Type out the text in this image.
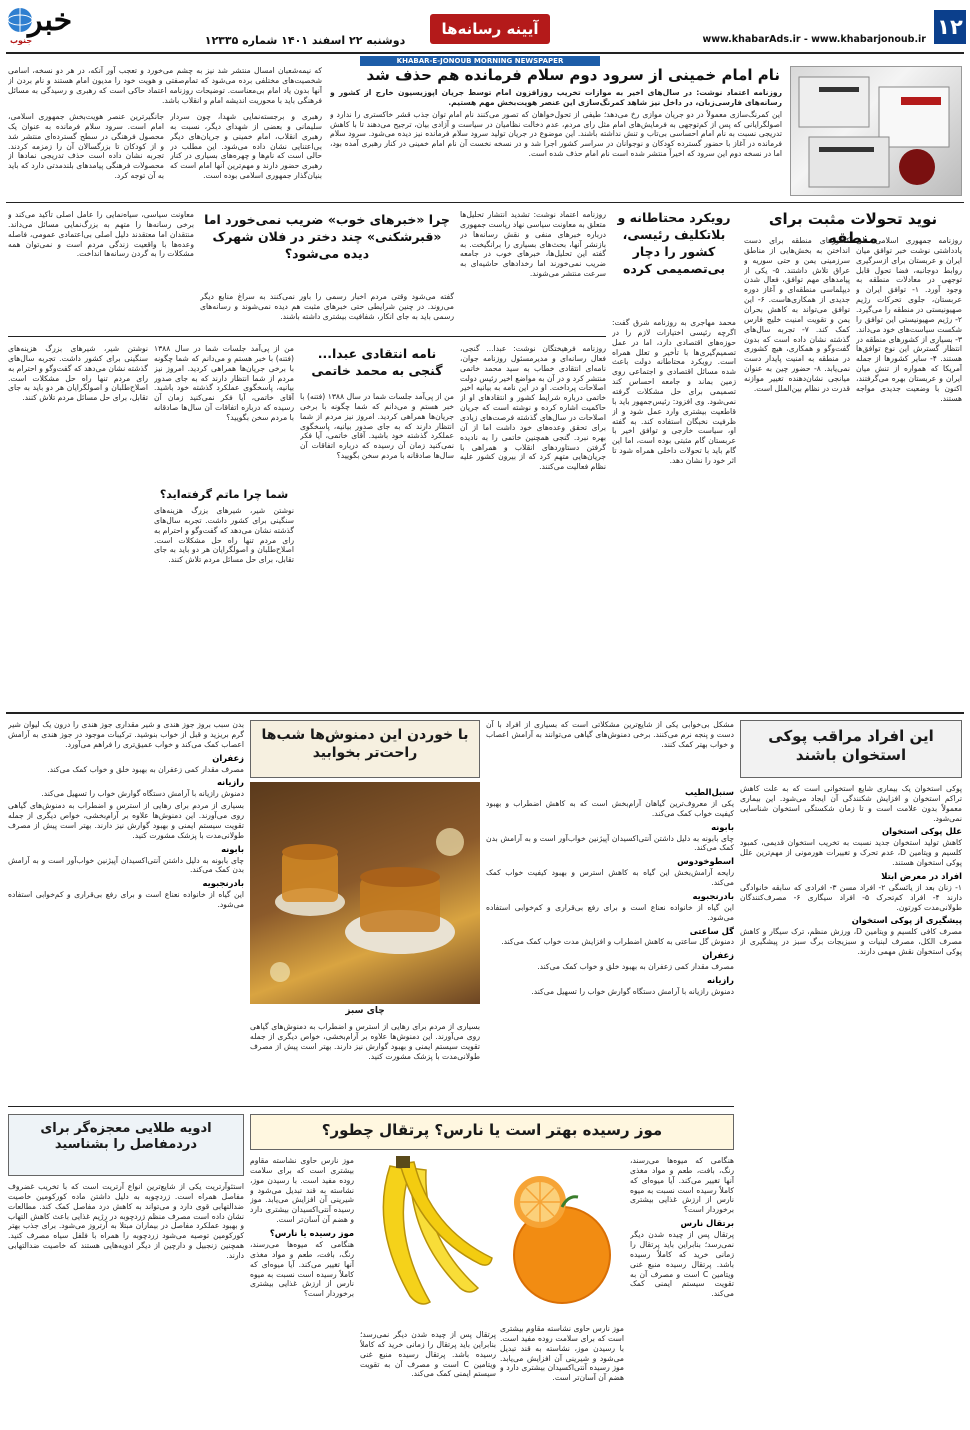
۱۲
www.khabarAds.ir - www.khabarjonoub.ir
آیینه رسانه‌ها
دوشنبه ۲۲ اسفند ۱۴۰۱ شماره ۱۲۳۳۵
خبر
جنوب
KHABAR-E-JONOUB MORNING NEWSPAPER
نام امام خمینی از سرود دوم سلام فرمانده هم حذف شد

روزنامه اعتماد نوشت: در سال‌های اخیر به موازات تخریب روزافزون امام توسط جریان اپوزیسیون خارج از کشور و رسانه‌های فارسی‌زبان، در داخل نیز شاهد کمرنگ‌سازی این عنصر هویت‌بخش مهم هستیم.

این کمرنگ‌سازی معمولاً در دو جریان موازی رخ می‌دهد؛ طیفی از تحول‌خواهان که تصور می‌کنند نام امام توان جذب قشر خاکستری را ندارد و اصولگرایانی که پس از کم‌توجهی به فرمایش‌های امام مثل رای مردم، عدم دخالت نظامیان در سیاست و آزادی بیان، ترجیح می‌دهند تا با کاهش تدریجی نسبت به نام امام احساسی بی‌تاب و تنش نداشته باشند. این موضوع در جریان تولید سرود سلام فرمانده نیز دیده می‌شود. سرود سلام فرمانده در آغاز با حضور گسترده کودکان و نوجوانان در سراسر کشور اجرا شد و در نسخه نخست آن نام امام خمینی در کنار رهبری آمده بود، اما در نسخه دوم این سرود که اخیراً منتشر شده است نام امام حذف شده است.

که نیمه‌شعبان امسال منتشر شد نیز به چشم می‌خورد و تعجب آور آنکه، در هر دو نسخه، اسامی شخصیت‌های مختلفی برده می‌شود که تمام‌صفتی و هویت خود را مدیون امام هستند و نام بردن از آنها بدون یاد امام بی‌معناست. توضیحات روزنامه اعتماد حاکی است که رهبری و رسیدگی به مسائل فرهنگی باید با محوریت اندیشه امام و انقلاب باشد.
رهبری و برجسته‌نمایی شهدا، چون سردار سلیمانی و بعضی از شهدای دیگر، نسبت به رهبری انقلاب، امام خمینی و جریان‌های دیگر بی‌اعتنایی نشان داده می‌شود. این مطلب در حالی است که نام‌ها و چهره‌های بسیاری در کنار رهبری حضور دارند و مهم‌ترین آنها امام است که بنیان‌گذار جمهوری اسلامی بوده است.
جانگیرترین عنصر هویت‌بخش جمهوری اسلامی، امام است. سرود سلام فرمانده به عنوان یک محصول فرهنگی در سطح گسترده‌ای منتشر شد و از کودکان تا بزرگسالان آن را زمزمه کردند. تجربه نشان داده است حذف تدریجی نمادها از محصولات فرهنگی پیامدهای بلندمدتی دارد که باید به آن توجه کرد.
نوید تحولات مثبت برای منطقه
روزنامه جمهوری اسلامی طی یادداشتی نوشت خبر توافق میان ایران و عربستان برای ازسرگیری روابط دوجانبه، فضا تحول قابل توجهی در معادلات منطقه به وجود آورد. ۱- توافق ایران و عربستان، جلوی تحرکات رژیم صهیونیستی در منطقه را می‌گیرد. ۲- رژیم صهیونیستی این توافق را شکست سیاست‌های خود می‌داند. ۳- بسیاری از کشورهای منطقه در انتظار گسترش این نوع توافق‌ها هستند. ۴- سایر کشورها از جمله آمریکا که همواره از تنش میان ایران و عربستان بهره می‌گرفتند، اکنون با وضعیت جدیدی مواجه هستند.
کشورهای منطقه برای دست انداختن به بخش‌هایی از مناطق سرزمینی یمن و حتی سوریه و عراق تلاش داشتند. ۵- یکی از پیامدهای مهم توافق، فعال شدن دیپلماسی منطقه‌ای و آغاز دوره جدیدی از همکاری‌هاست. ۶- این توافق می‌تواند به کاهش بحران یمن و تقویت امنیت خلیج فارس کمک کند. ۷- تجربه سال‌های گذشته نشان داده است که بدون گفت‌وگو و همکاری، هیچ کشوری در منطقه به امنیت پایدار دست نمی‌یابد. ۸- حضور چین به عنوان میانجی نشان‌دهنده تغییر موازنه قدرت در نظام بین‌الملل است.
رویکرد محتاطانه و بلاتکلیف رئیسی، کشور را دچار بی‌تصمیمی کرده
محمد مهاجری به روزنامه شرق گفت: اگرچه رئیسی اختیارات لازم را در حوزه‌های اقتصادی دارد، اما در عمل تصمیم‌گیری‌ها با تأخیر و تعلل همراه است. رویکرد محتاطانه دولت باعث شده مسائل اقتصادی و اجتماعی روی زمین بماند و جامعه احساس کند تصمیمی برای حل مشکلات گرفته نمی‌شود. وی افزود: رئیس‌جمهور باید با قاطعیت بیشتری وارد عمل شود و از ظرفیت نخبگان استفاده کند. به گفته او، سیاست خارجی و توافق اخیر با عربستان گام مثبتی بوده است، اما این گام باید با تحولات داخلی همراه شود تا اثر خود را نشان دهد.
روزنامه اعتماد نوشت: تشدید انتشار تحلیل‌ها متعلق به معاونت سیاسی نهاد ریاست جمهوری درباره خبرهای منفی و نقش رسانه‌ها در بازنشر آنها، بحث‌های بسیاری را برانگیخت. به گفته این تحلیل‌ها، خبرهای خوب در جامعه ضریب نمی‌خورند اما رخدادهای حاشیه‌ای به سرعت منتشر می‌شوند.
چرا «خبرهای خوب» ضریب نمی‌خورد اما «قبرشکنی» چند دختر در فلان شهرک دیده می‌شود؟
گفته می‌شود وقتی مردم اخبار رسمی را باور نمی‌کنند به سراغ منابع دیگر می‌روند. در چنین شرایطی حتی خبرهای مثبت هم دیده نمی‌شوند و رسانه‌های رسمی باید به جای انکار، شفافیت بیشتری داشته باشند.
معاونت سیاسی، سیاه‌نمایی را عامل اصلی تأکید می‌کند و برخی رسانه‌ها را متهم به بزرگ‌نمایی مسائل می‌داند. منتقدان اما معتقدند دلیل اصلی بی‌اعتمادی عمومی، فاصله وعده‌ها با واقعیت زندگی مردم است و نمی‌توان همه مشکلات را به گردن رسانه‌ها انداخت.
روزنامه فرهیختگان نوشت: عبدا... گنجی، فعال رسانه‌ای و مدیرمسئول روزنامه جوان، نامه‌ای انتقادی خطاب به سید محمد خاتمی منتشر کرد و در آن به مواضع اخیر رئیس دولت اصلاحات پرداخت. او در این نامه به بیانیه اخیر خاتمی درباره شرایط کشور و انتقادهای او از حاکمیت اشاره کرده و نوشته است که جریان اصلاحات در سال‌های گذشته فرصت‌های زیادی برای تحقق وعده‌های خود داشت اما از آن بهره نبرد. گنجی همچنین خاتمی را به نادیده گرفتن دستاوردهای انقلاب و همراهی با جریان‌هایی متهم کرد که از بیرون کشور علیه نظام فعالیت می‌کنند.
نامه انتقادی عبدا... گنجی به محمد خاتمی
من از پی‌آمد جلسات شما در سال ۱۳۸۸ (فتنه) با خبر هستم و می‌دانم که شما چگونه با برخی جریان‌ها همراهی کردید. امروز نیز مردم از شما انتظار دارند که به جای صدور بیانیه، پاسخگوی عملکرد گذشته خود باشید. آقای خاتمی، آیا فکر نمی‌کنید زمان آن رسیده که درباره اتفاقات آن سال‌ها صادقانه با مردم سخن بگویید؟
نوشتن شیر، شیرهای بزرگ هزینه‌های سنگینی برای کشور داشت. تجربه سال‌های گذشته نشان می‌دهد که گفت‌وگو و احترام به رای مردم تنها راه حل مشکلات است. اصلاح‌طلبان و اصولگرایان هر دو باید به جای تقابل، برای حل مسائل مردم تلاش کنند.
من از پی‌آمد جلسات شما در سال ۱۳۸۸ (فتنه) با خبر هستم و می‌دانم که شما چگونه با برخی جریان‌ها همراهی کردید. امروز نیز مردم از شما انتظار دارند که به جای صدور بیانیه، پاسخگوی عملکرد گذشته خود باشید. آقای خاتمی، آیا فکر نمی‌کنید زمان آن رسیده که درباره اتفاقات آن سال‌ها صادقانه با مردم سخن بگویید؟
شما چرا ماتم گرفته‌اید؟
نوشتن شیر، شیرهای بزرگ هزینه‌های سنگینی برای کشور داشت. تجربه سال‌های گذشته نشان می‌دهد که گفت‌وگو و احترام به رای مردم تنها راه حل مشکلات است. اصلاح‌طلبان و اصولگرایان هر دو باید به جای تقابل، برای حل مسائل مردم تلاش کنند.
این افراد مراقب پوکی استخوان باشند

پوکی استخوان یک بیماری شایع استخوانی است که به علت کاهش تراکم استخوان و افزایش شکنندگی آن ایجاد می‌شود. این بیماری معمولاً بدون علامت است و تا زمان شکستگی استخوان شناسایی نمی‌شود.

علل پوکی استخوان

کاهش تولید استخوان جدید نسبت به تخریب استخوان قدیمی، کمبود کلسیم و ویتامین D، عدم تحرک و تغییرات هورمونی از مهم‌ترین علل پوکی استخوان هستند.

افراد در معرض ابتلا

۱- زنان بعد از یائسگی ۲- افراد مسن ۳- افرادی که سابقه خانوادگی دارند ۴- افراد کم‌تحرک ۵- افراد سیگاری ۶- مصرف‌کنندگان طولانی‌مدت کورتون.

پیشگیری از پوکی استخوان

مصرف کافی کلسیم و ویتامین D، ورزش منظم، ترک سیگار و کاهش مصرف الکل، مصرف لبنیات و سبزیجات برگ سبز در پیشگیری از پوکی استخوان نقش مهمی دارند.

مشکل بی‌خوابی یکی از شایع‌ترین مشکلاتی است که بسیاری از افراد با آن دست و پنجه نرم می‌کنند. برخی دمنوش‌های گیاهی می‌توانند به آرامش اعصاب و خواب بهتر کمک کنند.
سنبل‌الطیب

یکی از معروف‌ترین گیاهان آرام‌بخش است که به کاهش اضطراب و بهبود کیفیت خواب کمک می‌کند.

بابونه

چای بابونه به دلیل داشتن آنتی‌اکسیدان آپیژنین خواب‌آور است و به آرامش بدن کمک می‌کند.

اسطوخودوس

رایحه آرامش‌بخش این گیاه به کاهش استرس و بهبود کیفیت خواب کمک می‌کند.

بادرنجبویه

این گیاه از خانواده نعناع است و برای رفع بی‌قراری و کم‌خوابی استفاده می‌شود.

گل ساعتی

دمنوش گل ساعتی به کاهش اضطراب و افزایش مدت خواب کمک می‌کند.

زعفران

مصرف مقدار کمی زعفران به بهبود خلق و خواب کمک می‌کند.

رازیانه

دمنوش رازیانه با آرامش دستگاه گوارش خواب را تسهیل می‌کند.

با خوردن این دمنوش‌ها شب‌ها راحت‌تر بخوابید
چای سبز
بسیاری از مردم برای رهایی از استرس و اضطراب به دمنوش‌های گیاهی روی می‌آورند. این دمنوش‌ها علاوه بر آرام‌بخشی، خواص دیگری از جمله تقویت سیستم ایمنی و بهبود گوارش نیز دارند. بهتر است پیش از مصرف طولانی‌مدت با پزشک مشورت کنید.

بدن سبب بروز جوز هندی و شیر مقداری جوز هندی را درون یک لیوان شیر گرم بریزید و قبل از خواب بنوشید. ترکیبات موجود در جوز هندی به آرامش اعصاب کمک می‌کند و خواب عمیق‌تری را فراهم می‌آورد.

زعفران

مصرف مقدار کمی زعفران به بهبود خلق و خواب کمک می‌کند.

رازیانه

دمنوش رازیانه با آرامش دستگاه گوارش خواب را تسهیل می‌کند.

بسیاری از مردم برای رهایی از استرس و اضطراب به دمنوش‌های گیاهی روی می‌آورند. این دمنوش‌ها علاوه بر آرام‌بخشی، خواص دیگری از جمله تقویت سیستم ایمنی و بهبود گوارش نیز دارند. بهتر است پیش از مصرف طولانی‌مدت با پزشک مشورت کنید.

بابونه

چای بابونه به دلیل داشتن آنتی‌اکسیدان آپیژنین خواب‌آور است و به آرامش بدن کمک می‌کند.

بادرنجبویه

این گیاه از خانواده نعناع است و برای رفع بی‌قراری و کم‌خوابی استفاده می‌شود.

ادویه طلایی معجزه‌گر برای دردمفاصل را بشناسید
استئوآرتریت یکی از شایع‌ترین انواع آرتریت است که با تخریب غضروف مفاصل همراه است. زردچوبه به دلیل داشتن ماده کورکومین خاصیت ضدالتهابی قوی دارد و می‌تواند به کاهش درد مفاصل کمک کند. مطالعات نشان داده است مصرف منظم زردچوبه در رژیم غذایی باعث کاهش التهاب و بهبود عملکرد مفاصل در بیماران مبتلا به آرتروز می‌شود. برای جذب بهتر کورکومین توصیه می‌شود زردچوبه را همراه با فلفل سیاه مصرف کنید. همچنین زنجبیل و دارچین از دیگر ادویه‌هایی هستند که خاصیت ضدالتهابی دارند.
موز رسیده بهتر است یا نارس؟ پرتقال چطور؟

هنگامی که میوه‌ها می‌رسند، رنگ، بافت، طعم و مواد مغذی آنها تغییر می‌کند. آیا میوه‌ای که کاملاً رسیده است نسبت به میوه نارس از ارزش غذایی بیشتری برخوردار است؟

برتقال نارس

پرتقال پس از چیده شدن دیگر نمی‌رسد؛ بنابراین باید پرتقال را زمانی خرید که کاملاً رسیده باشد. پرتقال رسیده منبع غنی ویتامین C است و مصرف آن به تقویت سیستم ایمنی کمک می‌کند.

موز نارس حاوی نشاسته مقاوم بیشتری است که برای سلامت روده مفید است. با رسیدن موز، نشاسته به قند تبدیل می‌شود و شیرینی آن افزایش می‌یابد. موز رسیده آنتی‌اکسیدان بیشتری دارد و هضم آن آسان‌تر است.

موز نارس حاوی نشاسته مقاوم بیشتری است که برای سلامت روده مفید است. با رسیدن موز، نشاسته به قند تبدیل می‌شود و شیرینی آن افزایش می‌یابد. موز رسیده آنتی‌اکسیدان بیشتری دارد و هضم آن آسان‌تر است.

موز رسیده یا نارس؟

هنگامی که میوه‌ها می‌رسند، رنگ، بافت، طعم و مواد مغذی آنها تغییر می‌کند. آیا میوه‌ای که کاملاً رسیده است نسبت به میوه نارس از ارزش غذایی بیشتری برخوردار است؟

پرتقال پس از چیده شدن دیگر نمی‌رسد؛ بنابراین باید پرتقال را زمانی خرید که کاملاً رسیده باشد. پرتقال رسیده منبع غنی ویتامین C است و مصرف آن به تقویت سیستم ایمنی کمک می‌کند.
